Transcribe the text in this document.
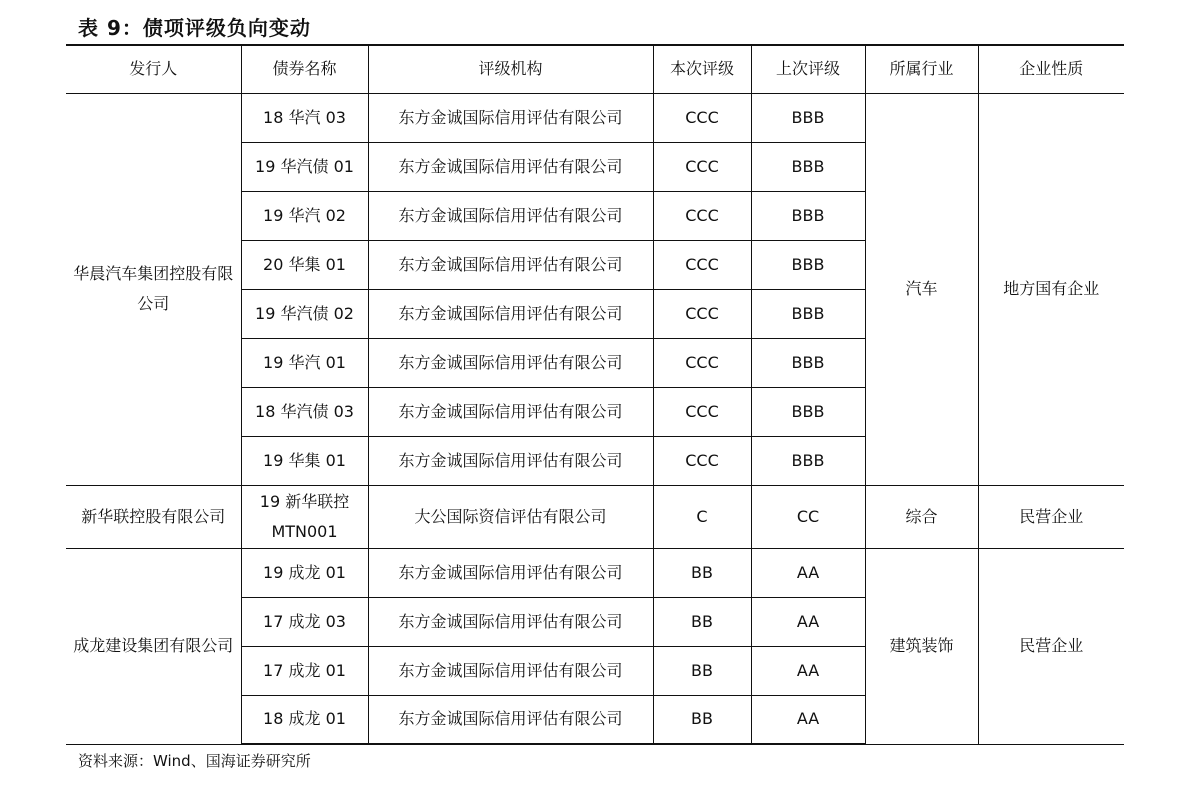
表 9：债项评级负向变动
发行人	债券名称	评级机构	本次评级	上次评级	所属行业	企业性质
华晨汽车集团控股有限公司	18 华汽 03	东方金诚国际信用评估有限公司	CCC	BBB	汽车	地方国有企业
	19 华汽债 01	东方金诚国际信用评估有限公司	CCC	BBB		
	19 华汽 02	东方金诚国际信用评估有限公司	CCC	BBB		
	20 华集 01	东方金诚国际信用评估有限公司	CCC	BBB		
	19 华汽债 02	东方金诚国际信用评估有限公司	CCC	BBB		
	19 华汽 01	东方金诚国际信用评估有限公司	CCC	BBB		
	18 华汽债 03	东方金诚国际信用评估有限公司	CCC	BBB		
	19 华集 01	东方金诚国际信用评估有限公司	CCC	BBB		
新华联控股有限公司	19 新华联控 MTN001	大公国际资信评估有限公司	C	CC	综合	民营企业
成龙建设集团有限公司	19 成龙 01	东方金诚国际信用评估有限公司	BB	AA	建筑装饰	民营企业
	17 成龙 03	东方金诚国际信用评估有限公司	BB	AA		
	17 成龙 01	东方金诚国际信用评估有限公司	BB	AA		
	18 成龙 01	东方金诚国际信用评估有限公司	BB	AA		
资料来源：Wind、国海证券研究所
